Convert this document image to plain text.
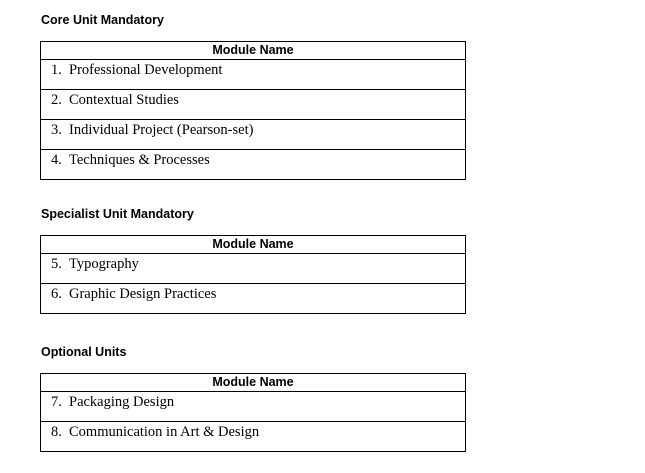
Core Unit Mandatory
Module Name
1. Professional Development
2. Contextual Studies
3. Individual Project (Pearson-set)
4. Techniques & Processes
Specialist Unit Mandatory
Module Name
5. Typography
6. Graphic Design Practices
Optional Units
Module Name
7. Packaging Design
8. Communication in Art & Design
